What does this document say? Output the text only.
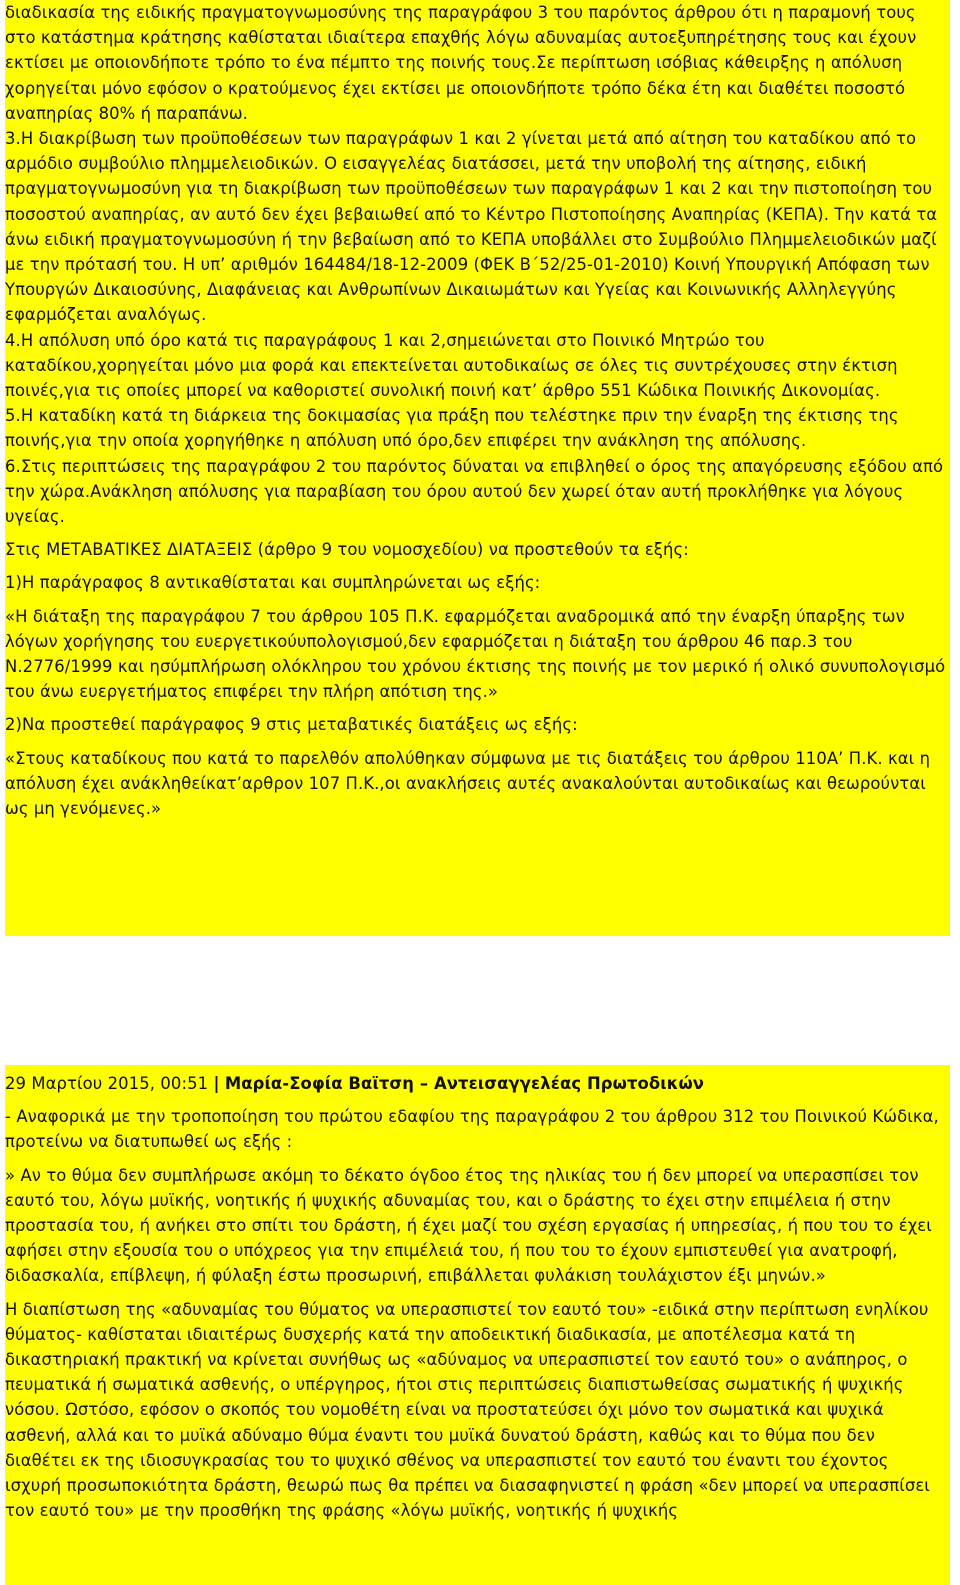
διαδικασία της ειδικής πραγματογνωμοσύνης της παραγράφου 3 του παρόντος άρθρου ότι η παραμονή τους στο κατάστημα κράτησης καθίσταται ιδιαίτερα επαχθής λόγω αδυναμίας αυτοεξυπηρέτησης τους και έχουν εκτίσει με οποιονδήποτε τρόπο το ένα πέμπτο της ποινής τους.Σε περίπτωση ισόβιας κάθειρξης η απόλυση χορηγείται μόνο εφόσον ο κρατούμενος έχει εκτίσει με οποιονδήποτε τρόπο δέκα έτη και διαθέτει ποσοστό αναπηρίας 80% ή παραπάνω.

3.Η διακρίβωση των προϋποθέσεων των παραγράφων 1 και 2 γίνεται μετά από αίτηση του καταδίκου από το αρμόδιο συμβούλιο πλημμελειοδικών. Ο εισαγγελέας διατάσσει, μετά την υποβολή της αίτησης, ειδική πραγματογνωμοσύνη για τη διακρίβωση των προϋποθέσεων των παραγράφων 1 και 2 και την πιστοποίηση του ποσοστού αναπηρίας, αν αυτό δεν έχει βεβαιωθεί από το Κέντρο Πιστοποίησης Αναπηρίας (ΚΕΠΑ). Την κατά τα άνω ειδική πραγματογνωμοσύνη ή την βεβαίωση από το ΚΕΠΑ υποβάλλει στο Συμβούλιο Πλημμελειοδικών μαζί με την πρότασή του. Η υπ’ αριθμόν 164484/18-12-2009 (ΦΕΚ Β΄52/25-01-2010) Κοινή Υπουργική Απόφαση των Υπουργών Δικαιοσύνης, Διαφάνειας και Ανθρωπίνων Δικαιωμάτων και Υγείας και Κοινωνικής Αλληλεγγύης εφαρμόζεται αναλόγως.

4.Η απόλυση υπό όρο κατά τις παραγράφους 1 και 2,σημειώνεται στο Ποινικό Μητρώο του καταδίκου,χορηγείται μόνο μια φορά και επεκτείνεται αυτοδικαίως σε όλες τις συντρέχουσες στην έκτιση ποινές,για τις οποίες μπορεί να καθοριστεί συνολική ποινή κατ’ άρθρο 551 Κώδικα Ποινικής Δικονομίας.

5.Η καταδίκη κατά τη διάρκεια της δοκιμασίας για πράξη που τελέστηκε πριν την έναρξη της έκτισης της ποινής,για την οποία χορηγήθηκε η απόλυση υπό όρο,δεν επιφέρει την ανάκληση της απόλυσης.

6.Στις περιπτώσεις της παραγράφου 2 του παρόντος δύναται να επιβληθεί ο όρος της απαγόρευσης εξόδου από την χώρα.Ανάκληση απόλυσης για παραβίαση του όρου αυτού δεν χωρεί όταν αυτή προκλήθηκε για λόγους υγείας.

Στις ΜΕΤΑΒΑΤΙΚΕΣ ΔΙΑΤΑΞΕΙΣ (άρθρο 9 του νομοσχεδίου) να προστεθούν τα εξής:

1)Η παράγραφος 8 αντικαθίσταται και συμπληρώνεται ως εξής:

«Η διάταξη της παραγράφου 7 του άρθρου 105 Π.Κ. εφαρμόζεται αναδρομικά από την έναρξη ύπαρξης των λόγων χορήγησης του ευεργετικούυπολογισμού,δεν εφαρμόζεται η διάταξη του άρθρου 46 παρ.3 του Ν.2776/1999 και ησύμπλήρωση ολόκληρου του χρόνου έκτισης της ποινής με τον μερικό ή ολικό συνυπολογισμό του άνω ευεργετήματος επιφέρει την πλήρη απότιση της.»

2)Να προστεθεί παράγραφος 9 στις μεταβατικές διατάξεις ως εξής:

«Στους καταδίκους που κατά το παρελθόν απολύθηκαν σύμφωνα με τις διατάξεις του άρθρου 110Α’ Π.Κ. και η απόλυση έχει ανάκληθείκατ’αρθρον 107 Π.Κ.,οι ανακλήσεις αυτές ανακαλούνται αυτοδικαίως και θεωρούνται ως μη γενόμενες.»

29 Μαρτίου 2015, 00:51 | Μαρία-Σοφία Βαϊτση – Αντεισαγγελέας Πρωτοδικών

- Αναφορικά με την τροποποίηση του πρώτου εδαφίου της παραγράφου 2 του άρθρου 312 του Ποινικού Κώδικα, προτείνω να διατυπωθεί ως εξής :

» Αν το θύμα δεν συμπλήρωσε ακόμη το δέκατο όγδοο έτος της ηλικίας του ή δεν μπορεί να υπερασπίσει τον εαυτό του, λόγω μυϊκής, νοητικής ή ψυχικής αδυναμίας του, και ο δράστης το έχει στην επιμέλεια ή στην προστασία του, ή ανήκει στο σπίτι του δράστη, ή έχει μαζί του σχέση εργασίας ή υπηρεσίας, ή που του το έχει αφήσει στην εξουσία του ο υπόχρεος για την επιμέλειά του, ή που του το έχουν εμπιστευθεί για ανατροφή, διδασκαλία, επίβλεψη, ή φύλαξη έστω προσωρινή, επιβάλλεται φυλάκιση τουλάχιστον έξι μηνών.»

Η διαπίστωση της «αδυναμίας του θύματος να υπερασπιστεί τον εαυτό του» -ειδικά στην περίπτωση ενηλίκου θύματος- καθίσταται ιδιαιτέρως δυσχερής κατά την αποδεικτική διαδικασία, με αποτέλεσμα κατά τη δικαστηριακή πρακτική να κρίνεται συνήθως ως «αδύναμος να υπερασπιστεί τον εαυτό του» ο ανάπηρος, ο πευματικά ή σωματικά ασθενής, ο υπέργηρος, ήτοι στις περιπτώσεις διαπιστωθείσας σωματικής ή ψυχικής νόσου. Ωστόσο, εφόσον ο σκοπός του νομοθέτη είναι να προστατεύσει όχι μόνο τον σωματικά και ψυχικά ασθενή, αλλά και το μυϊκά αδύναμο θύμα έναντι του μυϊκά δυνατού δράστη, καθώς και το θύμα που δεν διαθέτει εκ της ιδιοσυγκρασίας του το ψυχικό σθένος να υπερασπιστεί τον εαυτό του έναντι του έχοντος ισχυρή προσωποκιότητα δράστη, θεωρώ πως θα πρέπει να διασαφηνιστεί η φράση «δεν μπορεί να υπερασπίσει τον εαυτό του» με την προσθήκη της φράσης «λόγω μυϊκής, νοητικής ή ψυχικής
